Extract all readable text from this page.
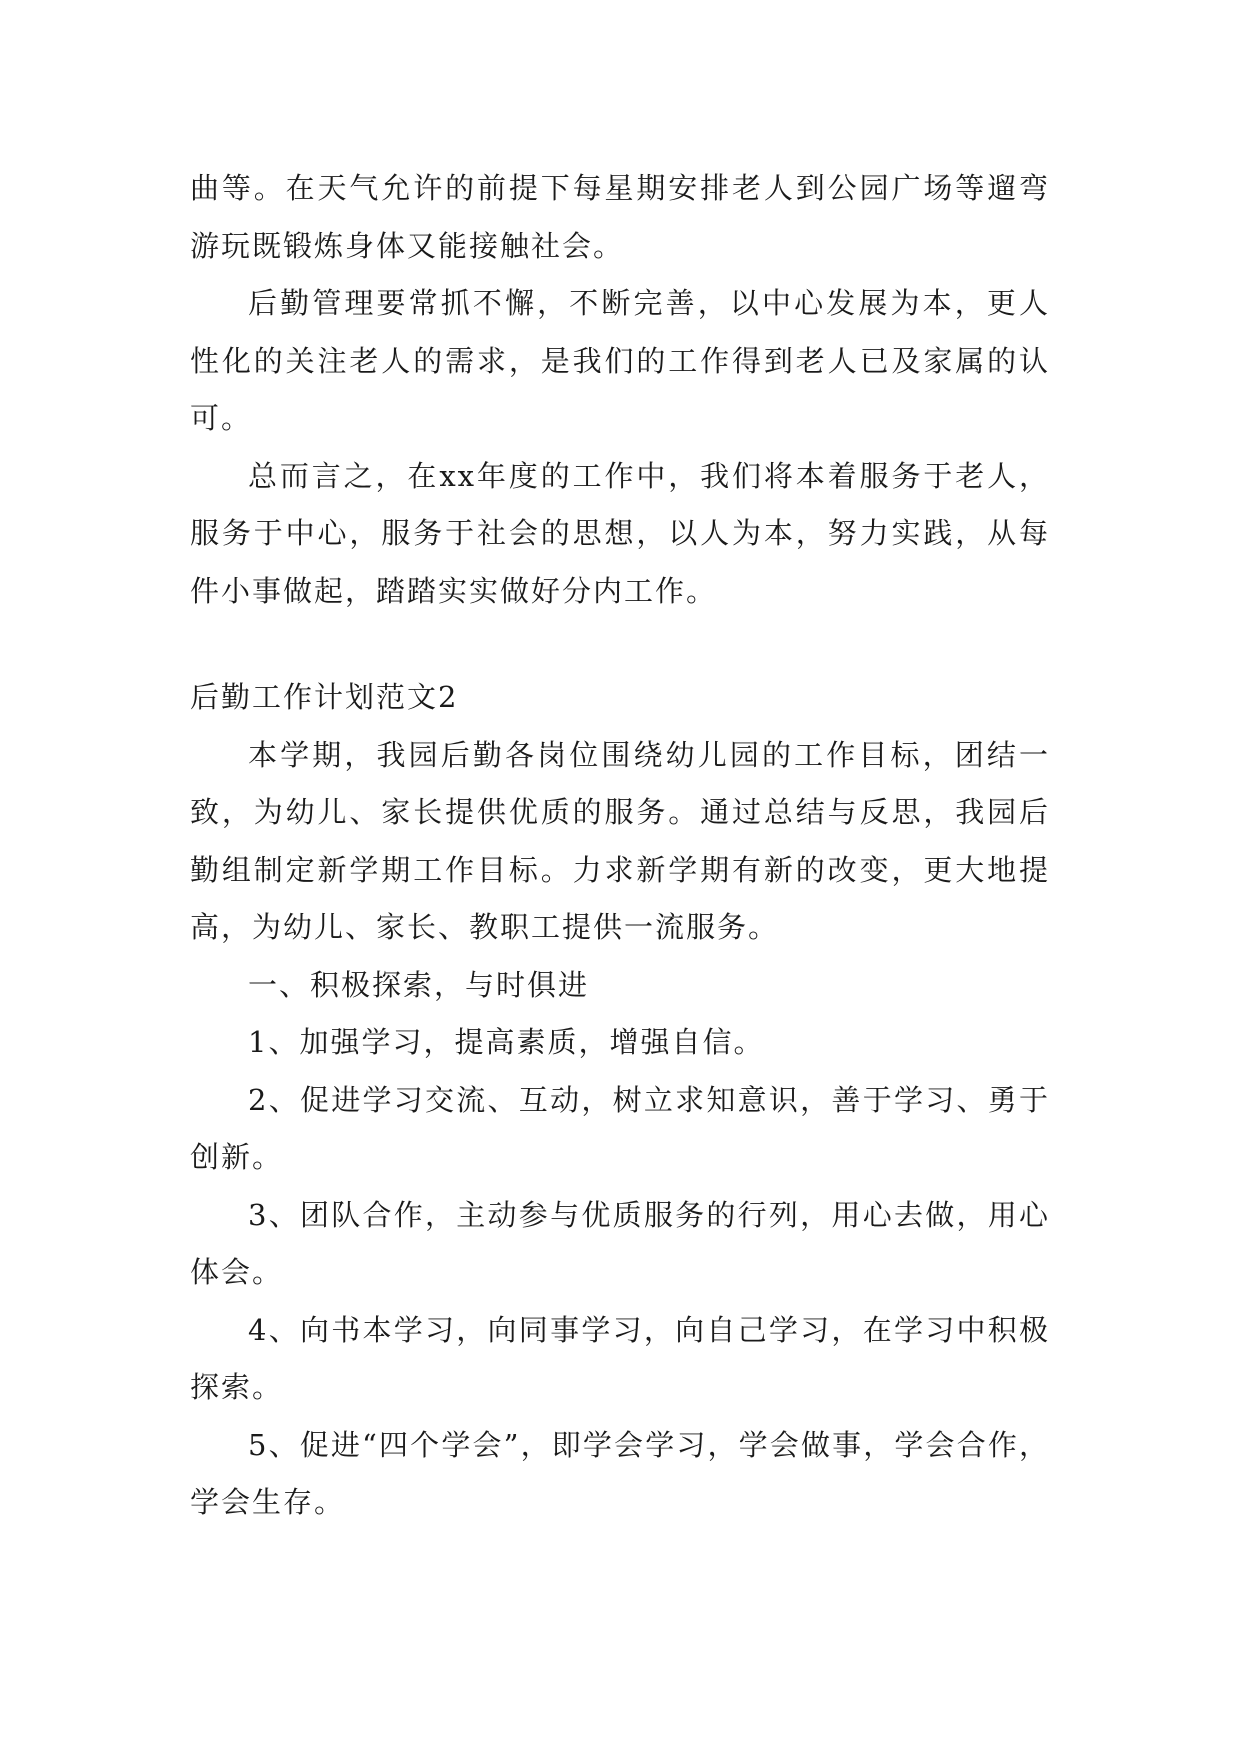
曲等。在天气允许的前提下每星期安排老人到公园广场等遛弯游玩既锻炼身体又能接触社会。

后勤管理要常抓不懈，不断完善，以中心发展为本，更人性化的关注老人的需求，是我们的工作得到老人已及家属的认可。

总而言之，在xx年度的工作中，我们将本着服务于老人，服务于中心，服务于社会的思想，以人为本，努力实践，从每件小事做起，踏踏实实做好分内工作。

后勤工作计划范文2

本学期，我园后勤各岗位围绕幼儿园的工作目标，团结一致，为幼儿、家长提供优质的服务。通过总结与反思，我园后勤组制定新学期工作目标。力求新学期有新的改变，更大地提高，为幼儿、家长、教职工提供一流服务。

一、积极探索，与时俱进

1、加强学习，提高素质，增强自信。

2、促进学习交流、互动，树立求知意识，善于学习、勇于创新。

3、团队合作，主动参与优质服务的行列，用心去做，用心体会。

4、向书本学习，向同事学习，向自己学习，在学习中积极探索。

5、促进“四个学会”，即学会学习，学会做事，学会合作，学会生存。
